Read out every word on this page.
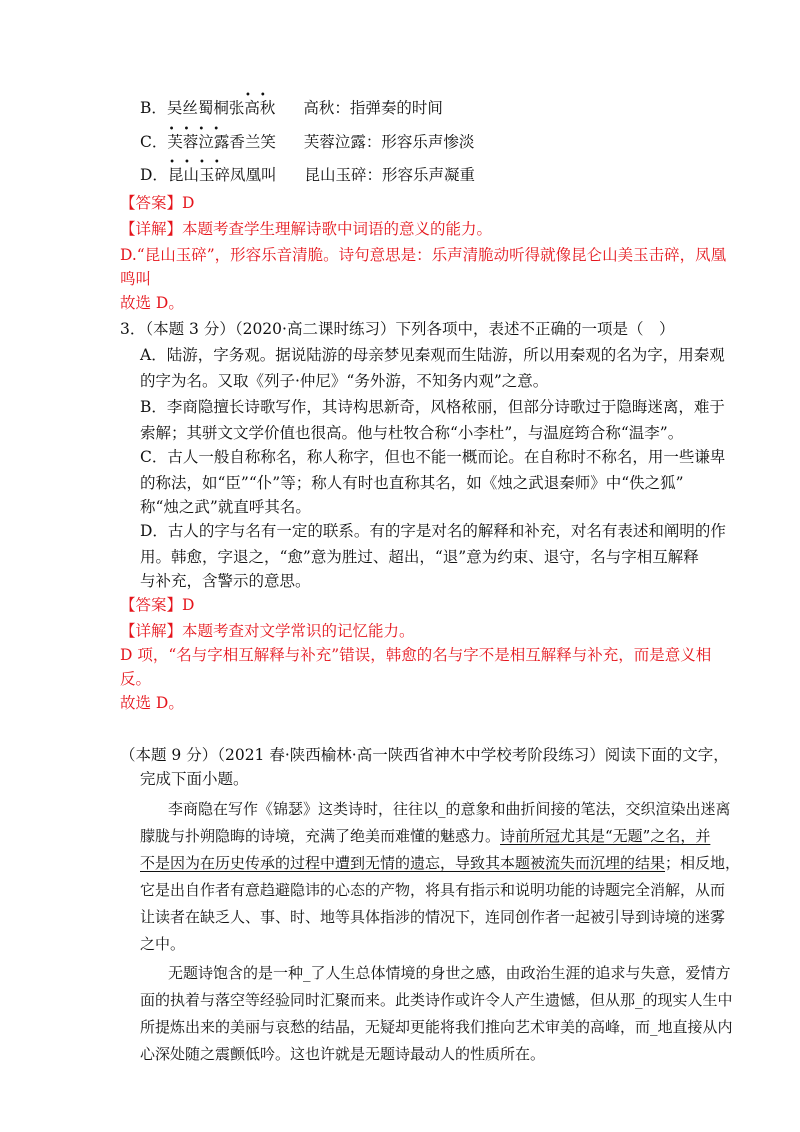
B．吴丝蜀桐张
••
高秋 高秋：指弹奏的时间
C．
••••
芙蓉泣露香兰笑 芙蓉泣露：形容乐声惨淡
D．
••••
昆山玉碎凤凰叫 昆山玉碎：形容乐声凝重
【答案】D
【详解】本题考查学生理解诗歌中词语的意义的能力。
D.“昆山玉碎”，形容乐音清脆。诗句意思是：乐声清脆动听得就像昆仑山美玉击碎，凤凰
鸣叫
故选 D。
3．（本题 3 分）（2020·高二课时练习）下列各项中，表述不正确的一项是（　）
A．陆游，字务观。据说陆游的母亲梦见秦观而生陆游，所以用秦观的名为字，用秦观
的字为名。又取《列子·仲尼》“务外游，不知务内观”之意。
B．李商隐擅长诗歌写作，其诗构思新奇，风格秾丽，但部分诗歌过于隐晦迷离，难于
索解；其骈文文学价值也很高。他与杜牧合称“小李杜”，与温庭筠合称“温李”。
C．古人一般自称称名，称人称字，但也不能一概而论。在自称时不称名，用一些谦卑
的称法，如“臣”“仆”等；称人有时也直称其名，如《烛之武退秦师》中“佚之狐”
称“烛之武”就直呼其名。
D．古人的字与名有一定的联系。有的字是对名的解释和补充，对名有表述和阐明的作
用。韩愈，字退之，“愈”意为胜过、超出，“退”意为约束、退守，名与字相互解释
与补充，含警示的意思。
【答案】D
【详解】本题考查对文学常识的记忆能力。
D 项，“名与字相互解释与补充”错误，韩愈的名与字不是相互解释与补充，而是意义相
反。
故选 D。
（本题 9 分）（2021 春·陕西榆林·高一陕西省神木中学校考阶段练习）阅读下面的文字，
完成下面小题。
李商隐在写作《锦瑟》这类诗时，往往以_的意象和曲折间接的笔法，交织渲染出迷离
朦胧与扑朔隐晦的诗境，充满了绝美而难懂的魅惑力。诗前所冠尤其是“无题”之名，并
不是因为在历史传承的过程中遭到无情的遗忘，导致其本题被流失而沉埋的结果；相反地，
它是出自作者有意趋避隐讳的心态的产物，将具有指示和说明功能的诗题完全消解，从而
让读者在缺乏人、事、时、地等具体指涉的情况下，连同创作者一起被引导到诗境的迷雾
之中。
无题诗饱含的是一种_了人生总体情境的身世之感，由政治生涯的追求与失意，爱情方
面的执着与落空等经验同时汇聚而来。此类诗作或许令人产生遗憾，但从那_的现实人生中
所提炼出来的美丽与哀愁的结晶，无疑却更能将我们推向艺术审美的高峰，而_地直接从内
心深处随之震颤低吟。这也许就是无题诗最动人的性质所在。
